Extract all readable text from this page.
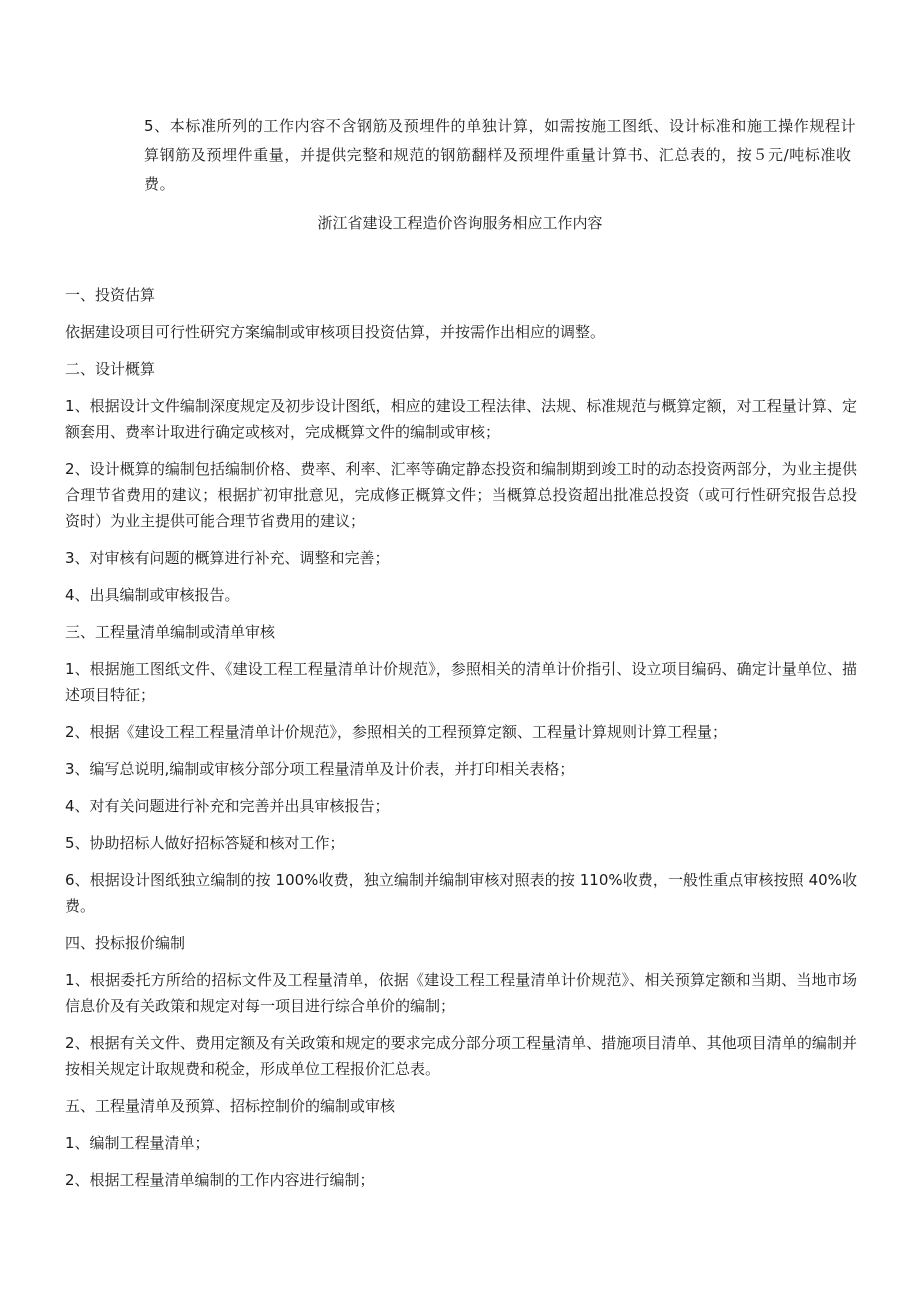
5、本标准所列的工作内容不含钢筋及预埋件的单独计算，如需按施工图纸、设计标准和施工操作规程计算钢筋及预埋件重量，并提供完整和规范的钢筋翻样及预埋件重量计算书、汇总表的，按５元/吨标准收费。
浙江省建设工程造价咨询服务相应工作内容

一、投资估算

依据建设项目可行性研究方案编制或审核项目投资估算，并按需作出相应的调整。

二、设计概算

1、根据设计文件编制深度规定及初步设计图纸，相应的建设工程法律、法规、标准规范与概算定额，对工程量计算、定额套用、费率计取进行确定或核对，完成概算文件的编制或审核；

2、设计概算的编制包括编制价格、费率、利率、汇率等确定静态投资和编制期到竣工时的动态投资两部分，为业主提供合理节省费用的建议；根据扩初审批意见，完成修正概算文件；当概算总投资超出批准总投资（或可行性研究报告总投资时）为业主提供可能合理节省费用的建议；

3、对审核有问题的概算进行补充、调整和完善；

4、出具编制或审核报告。

三、工程量清单编制或清单审核

1、根据施工图纸文件、《建设工程工程量清单计价规范》，参照相关的清单计价指引、设立项目编码、确定计量单位、描述项目特征；

2、根据《建设工程工程量清单计价规范》，参照相关的工程预算定额、工程量计算规则计算工程量；

3、编写总说明,编制或审核分部分项工程量清单及计价表，并打印相关表格；

4、对有关问题进行补充和完善并出具审核报告；

5、协助招标人做好招标答疑和核对工作；

6、根据设计图纸独立编制的按 100%收费，独立编制并编制审核对照表的按 110%收费，一般性重点审核按照 40%收费。

四、投标报价编制

1、根据委托方所给的招标文件及工程量清单，依据《建设工程工程量清单计价规范》、相关预算定额和当期、当地市场信息价及有关政策和规定对每一项目进行综合单价的编制；

2、根据有关文件、费用定额及有关政策和规定的要求完成分部分项工程量清单、措施项目清单、其他项目清单的编制并按相关规定计取规费和税金，形成单位工程报价汇总表。

五、工程量清单及预算、招标控制价的编制或审核

1、编制工程量清单；

2、根据工程量清单编制的工作内容进行编制；
